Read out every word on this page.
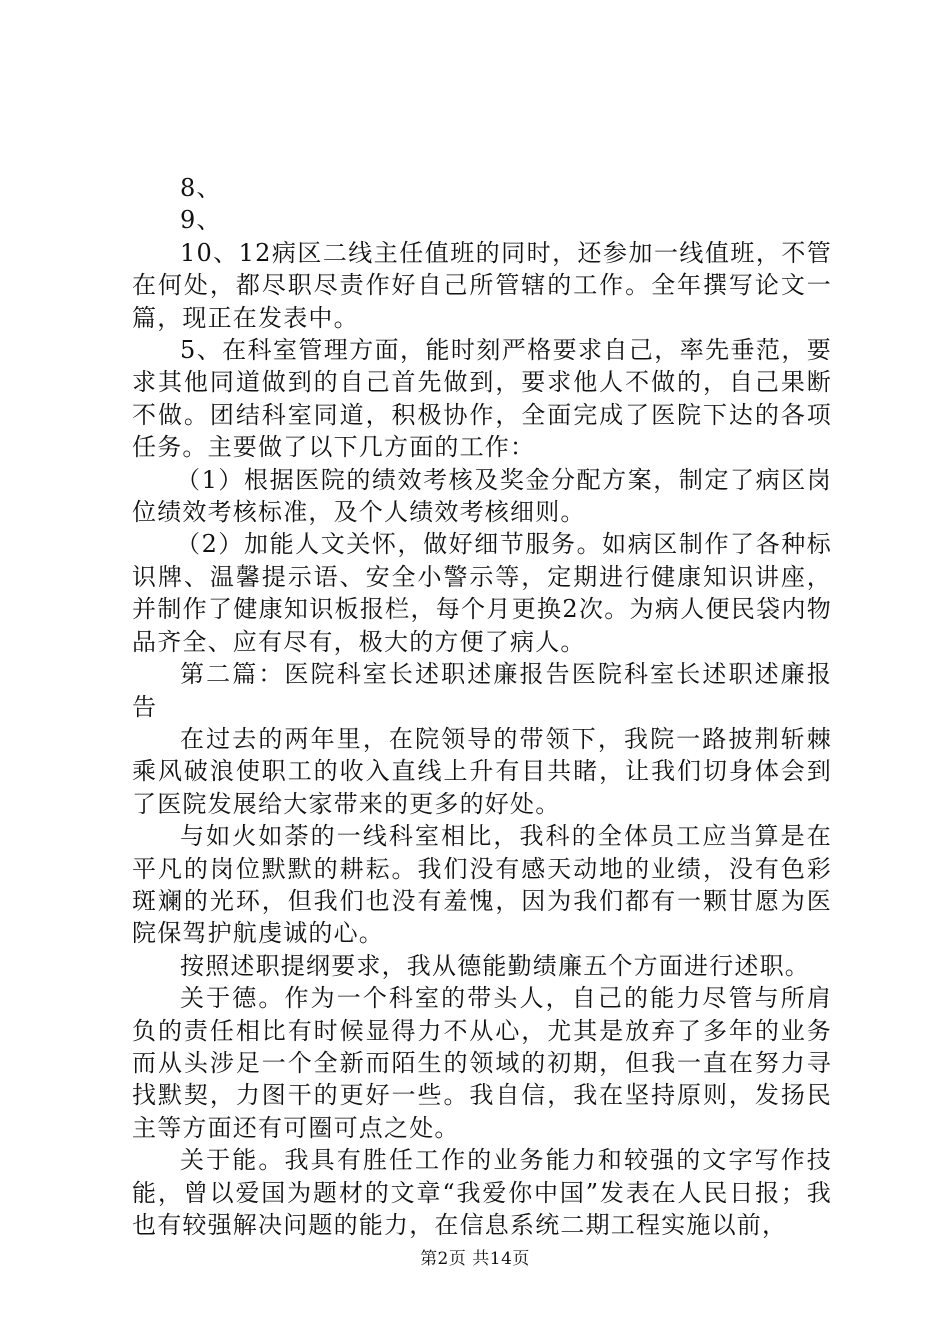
8、

9、

10、12病区二线主任值班的同时，还参加一线值班，不管在何处，都尽职尽责作好自己所管辖的工作。全年撰写论文一篇，现正在发表中。

5、在科室管理方面，能时刻严格要求自己，率先垂范，要求其他同道做到的自己首先做到，要求他人不做的，自己果断不做。团结科室同道，积极协作，全面完成了医院下达的各项任务。主要做了以下几方面的工作：

（1）根据医院的绩效考核及奖金分配方案，制定了病区岗位绩效考核标准，及个人绩效考核细则。

（2）加能人文关怀，做好细节服务。如病区制作了各种标识牌、温馨提示语、安全小警示等，定期进行健康知识讲座，并制作了健康知识板报栏，每个月更换2次。为病人便民袋内物品齐全、应有尽有，极大的方便了病人。

第二篇：医院科室长述职述廉报告医院科室长述职述廉报告

在过去的两年里，在院领导的带领下，我院一路披荆斩棘乘风破浪使职工的收入直线上升有目共睹，让我们切身体会到了医院发展给大家带来的更多的好处。

与如火如荼的一线科室相比，我科的全体员工应当算是在平凡的岗位默默的耕耘。我们没有感天动地的业绩，没有色彩斑斓的光环，但我们也没有羞愧，因为我们都有一颗甘愿为医院保驾护航虔诚的心。

按照述职提纲要求，我从德能勤绩廉五个方面进行述职。

关于德。作为一个科室的带头人，自己的能力尽管与所肩负的责任相比有时候显得力不从心，尤其是放弃了多年的业务而从头涉足一个全新而陌生的领域的初期，但我一直在努力寻找默契，力图干的更好一些。我自信，我在坚持原则，发扬民主等方面还有可圈可点之处。

关于能。我具有胜任工作的业务能力和较强的文字写作技能，曾以爱国为题材的文章“我爱你中国”发表在人民日报；我也有较强解决问题的能力，在信息系统二期工程实施以前，

第2页 共14页
